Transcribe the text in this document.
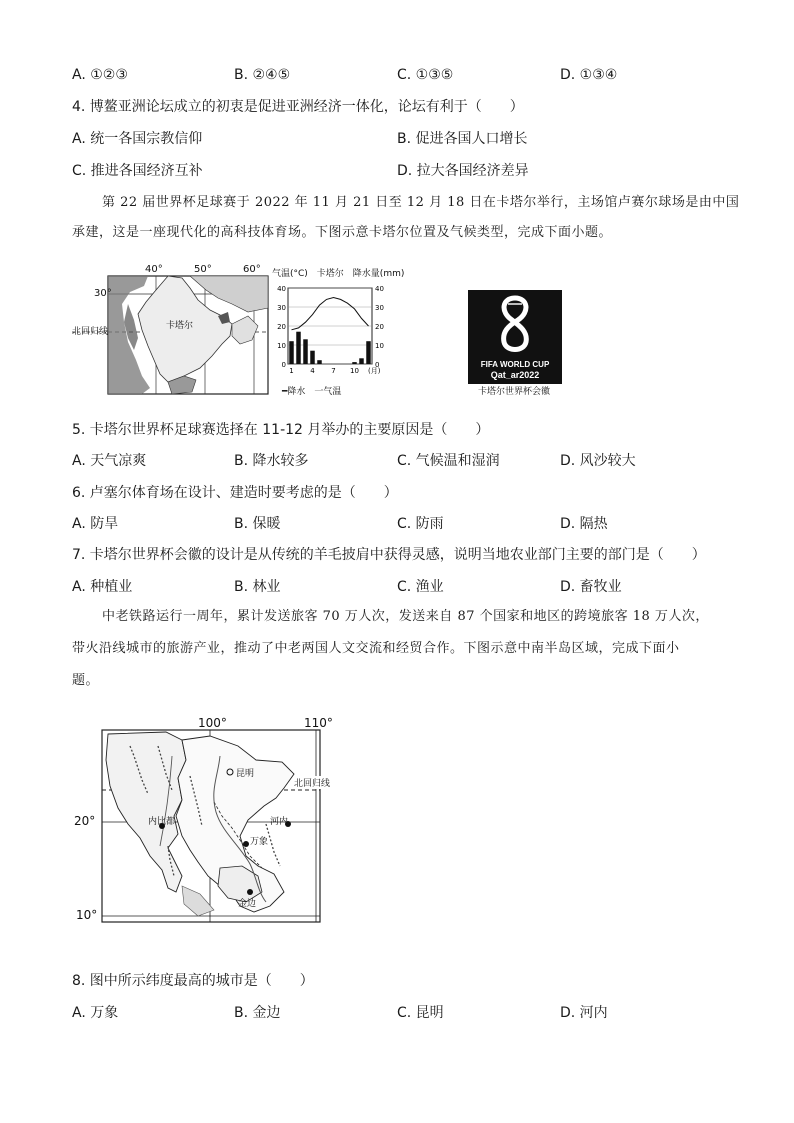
A. ①②③	B. ②④⑤	C. ①③⑤	D. ①③④
4. 博鳌亚洲论坛成立的初衷是促进亚洲经济一体化，论坛有利于（　　）
A. 统一各国宗教信仰	B. 促进各国人口增长
C. 推进各国经济互补	D. 拉大各国经济差异
第 22 届世界杯足球赛于 2022 年 11 月 21 日至 12 月 18 日在卡塔尔举行，主场馆卢赛尔球场是由中国
承建，这是一座现代化的高科技体育场。下图示意卡塔尔位置及气候类型，完成下面小题。
40°	50°	60°
30°
北回归线
卡塔尔
气温(°C)　卡塔尔　降水量(mm)
40
30
20
10
0
40
30
20
10
0
1 4 7 10 (月)
━降水　一气温
FIFA WORLD CUP
Qat_ar2022
卡塔尔世界杯会徽
5. 卡塔尔世界杯足球赛选择在 11-12 月举办的主要原因是（　　）
A. 天气凉爽	B. 降水较多	C. 气候温和湿润	D. 风沙较大
6. 卢塞尔体育场在设计、建造时要考虑的是（　　）
A. 防旱	B. 保暖	C. 防雨	D. 隔热
7. 卡塔尔世界杯会徽的设计是从传统的羊毛披肩中获得灵感，说明当地农业部门主要的部门是（　　）
A. 种植业	B. 林业	C. 渔业	D. 畜牧业
中老铁路运行一周年，累计发送旅客 70 万人次，发送来自 87 个国家和地区的跨境旅客 18 万人次，
带火沿线城市的旅游产业，推动了中老两国人文交流和经贸合作。下图示意中南半岛区域，完成下面小
题。
100°	110°
20°
10°
北回归线
昆明
河内
万象
金边
内比都
8. 图中所示纬度最高的城市是（　　）
A. 万象	B. 金边	C. 昆明	D. 河内
